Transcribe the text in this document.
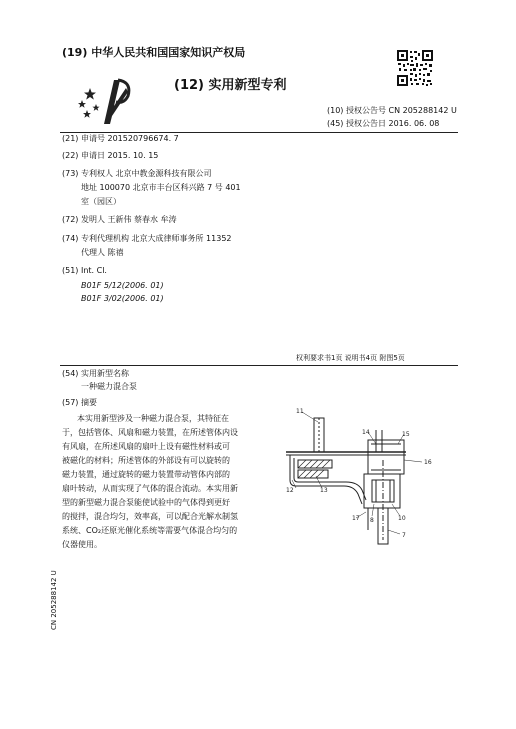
(19) 中华人民共和国国家知识产权局
(12) 实用新型专利
(10) 授权公告号 CN 205288142 U
(45) 授权公告日 2016. 06. 08
(21) 申请号 201520796674. 7
(22) 申请日 2015. 10. 15
(73) 专利权人 北京中教金源科技有限公司
地址 100070 北京市丰台区科兴路 7 号 401
室（园区）
(72) 发明人 王新伟 蔡春水 牟涛
(74) 专利代理机构 北京大成律师事务所 11352
代理人 陈禧
(51) Int. Cl.
B01F 5/12(2006. 01)
B01F 3/02(2006. 01)
权利要求书1页 说明书4页 附图5页
(54) 实用新型名称
一种磁力混合泵
(57) 摘要
本实用新型涉及一种磁力混合泵，其特征在
于，包括管体、风扇和磁力装置，在所述管体内设
有风扇，在所述风扇的扇叶上设有磁性材料或可
被磁化的材料；所述管体的外部设有可以旋转的
磁力装置，通过旋转的磁力装置带动管体内部的
扇叶转动，从而实现了气体的混合流动。本实用新
型的新型磁力混合泵能使试验中的气体得到更好
的搅拌，混合均匀，效率高，可以配合光解水制氢
系统、CO₂还原光催化系统等需要气体混合均匀的
仪器使用。
11
14	15
16
12	13
17 8	10
7
CN 205288142 U
